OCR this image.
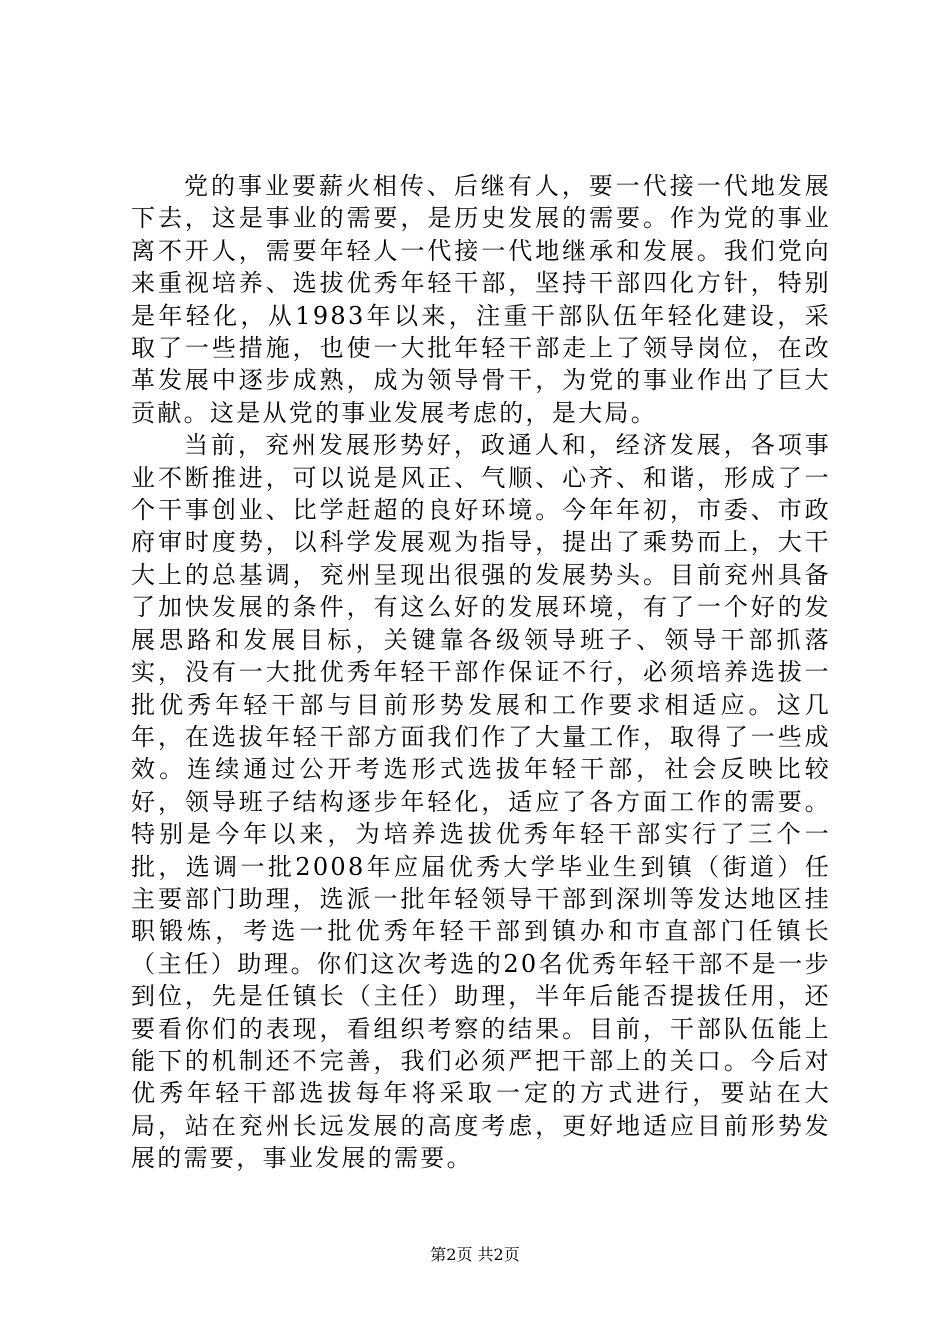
党的事业要薪火相传、后继有人，要一代接一代地发展下去，这是事业的需要，是历史发展的需要。作为党的事业离不开人，需要年轻人一代接一代地继承和发展。我们党向来重视培养、选拔优秀年轻干部，坚持干部四化方针，特别是年轻化，从1983年以来，注重干部队伍年轻化建设，采取了一些措施，也使一大批年轻干部走上了领导岗位，在改革发展中逐步成熟，成为领导骨干，为党的事业作出了巨大贡献。这是从党的事业发展考虑的，是大局。

当前，兖州发展形势好，政通人和，经济发展，各项事业不断推进，可以说是风正、气顺、心齐、和谐，形成了一个干事创业、比学赶超的良好环境。今年年初，市委、市政府审时度势，以科学发展观为指导，提出了乘势而上，大干大上的总基调，兖州呈现出很强的发展势头。目前兖州具备了加快发展的条件，有这么好的发展环境，有了一个好的发展思路和发展目标，关键靠各级领导班子、领导干部抓落实，没有一大批优秀年轻干部作保证不行，必须培养选拔一批优秀年轻干部与目前形势发展和工作要求相适应。这几年，在选拔年轻干部方面我们作了大量工作，取得了一些成效。连续通过公开考选形式选拔年轻干部，社会反映比较好，领导班子结构逐步年轻化，适应了各方面工作的需要。特别是今年以来，为培养选拔优秀年轻干部实行了三个一批，选调一批2008年应届优秀大学毕业生到镇（街道）任主要部门助理，选派一批年轻领导干部到深圳等发达地区挂职锻炼，考选一批优秀年轻干部到镇办和市直部门任镇长（主任）助理。你们这次考选的20名优秀年轻干部不是一步到位，先是任镇长（主任）助理，半年后能否提拔任用，还要看你们的表现，看组织考察的结果。目前，干部队伍能上能下的机制还不完善，我们必须严把干部上的关口。今后对优秀年轻干部选拔每年将采取一定的方式进行，要站在大局，站在兖州长远发展的高度考虑，更好地适应目前形势发展的需要，事业发展的需要。

第2页 共2页
